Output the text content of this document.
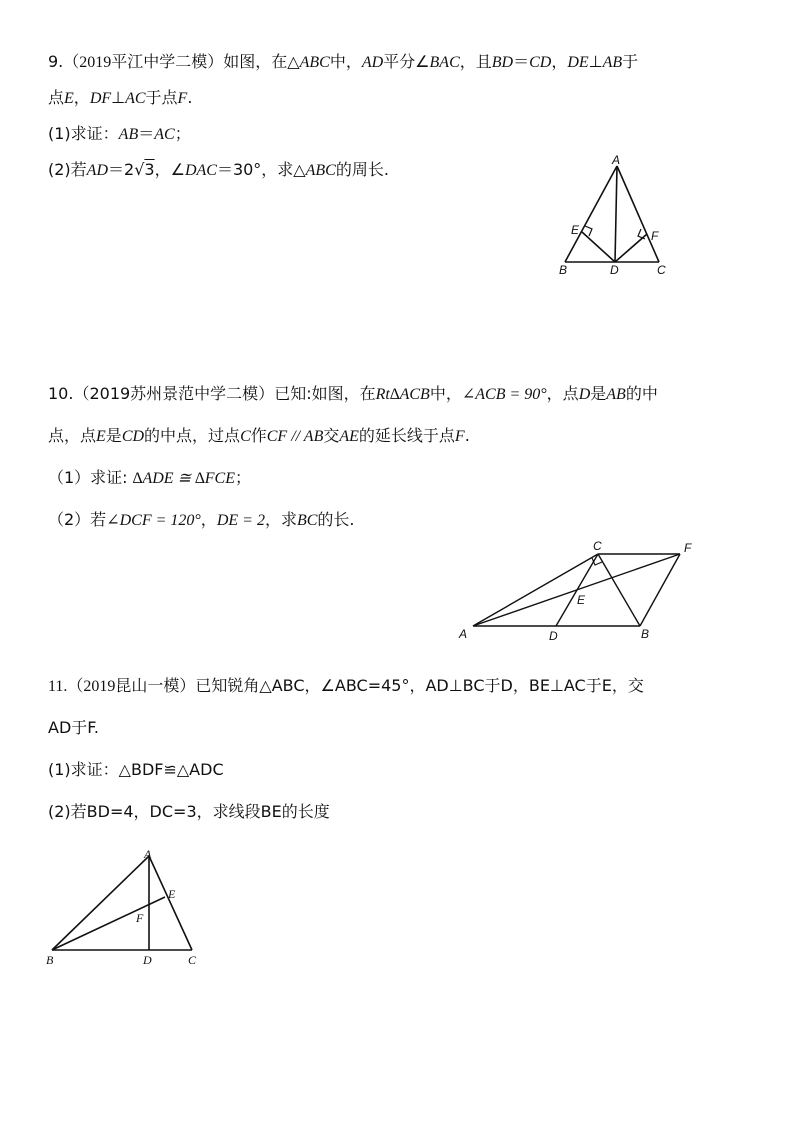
9.（2019平江中学二模）如图，在△ABC中，AD平分∠BAC，且BD＝CD，DE⊥AB于
点E，DF⊥AC于点F.
(1)求证：AB＝AC；
(2)若AD＝2√3，∠DAC＝30°，求△ABC的周长.	A
B	C
D
E	F
10.（2019苏州景范中学二模）已知:如图，在Rt∆ACB中，∠ACB = 90°，点D是AB的中
点，点E是CD的中点，过点C作CF // AB交AE的延长线于点F.
（1）求证: ∆ADE ≅ ∆FCE；
（2）若∠DCF = 120°，DE = 2，求BC的长.
A	B
C
D
E
F
11.（2019昆山一模）已知锐角△ABC，∠ABC=45°，AD⊥BC于D，BE⊥AC于E，交
AD于F.
(1)求证：△BDF≌△ADC
(2)若BD=4，DC=3，求线段BE的长度
A
B	C
D
E
F
